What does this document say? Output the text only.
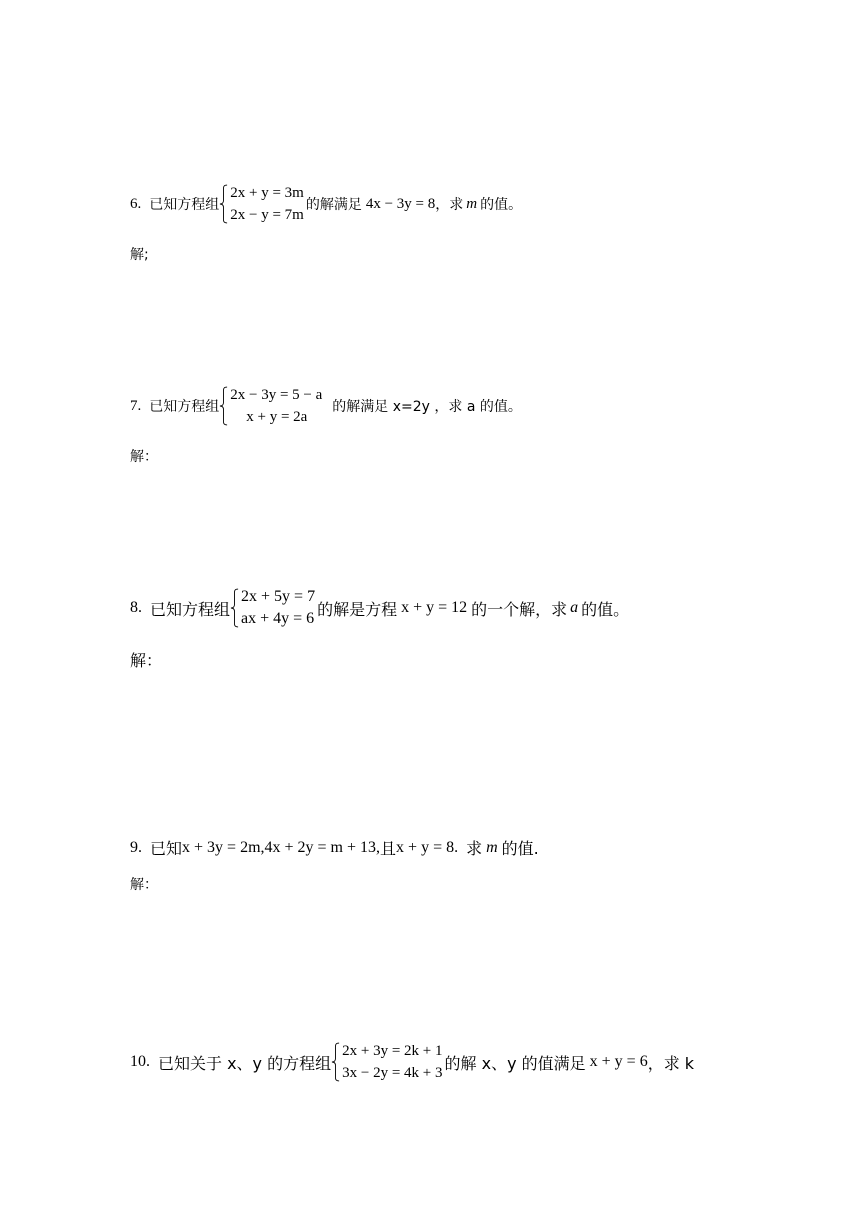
6. 已知方程组
2x + y = 3m
2x − y = 7m
的解满足 4x − 3y = 8 ，求 m 的值。
解;
7. 已知方程组
2x − 3y = 5 − a
x + y = 2a
的解满足 x=2y ，求 a 的值。
解：
8. 已知方程组
2x + 5y = 7
ax + 4y = 6 的解是方程 x + y = 12 的一个解，求 a 的值。
解：
9. 已知 x + 3y = 2m,4x + 2y = m + 13, 且 x + y = 8. 求 m 的值.
解：
10. 已知关于 x、y 的方程组
2x + 3y = 2k + 1
3x − 2y = 4k + 3
的解 x、y 的值满足 x + y = 6 ，求 k
